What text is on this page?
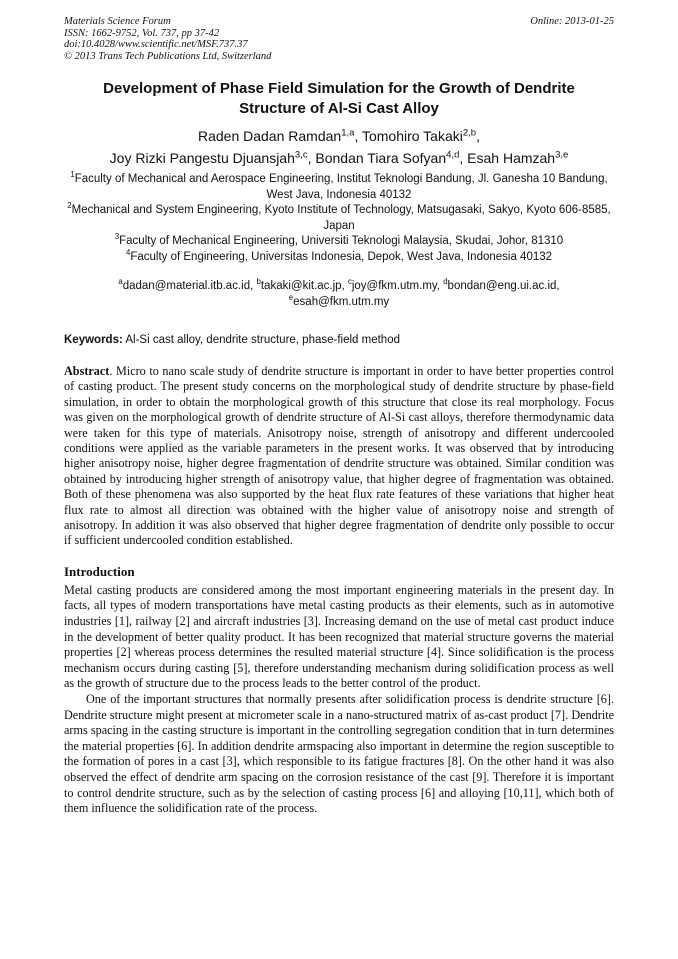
Materials Science Forum	Online: 2013-01-25
ISSN: 1662-9752, Vol. 737, pp 37-42
doi:10.4028/www.scientific.net/MSF.737.37
© 2013 Trans Tech Publications Ltd, Switzerland
Development of Phase Field Simulation for the Growth of Dendrite Structure of Al-Si Cast Alloy
Raden Dadan Ramdan$^{1,a}$, Tomohiro Takaki$^{2,b}$,
Joy Rizki Pangestu Djuansjah$^{3,c}$, Bondan Tiara Sofyan$^{4,d}$, Esah Hamzah$^{3,e}$
$^1$Faculty of Mechanical and Aerospace Engineering, Institut Teknologi Bandung, Jl. Ganesha 10 Bandung, West Java, Indonesia 40132
$^2$Mechanical and System Engineering, Kyoto Institute of Technology, Matsugasaki, Sakyo, Kyoto 606-8585, Japan
$^3$Faculty of Mechanical Engineering, Universiti Teknologi Malaysia, Skudai, Johor, 81310
$^4$Faculty of Engineering, Universitas Indonesia, Depok, West Java, Indonesia 40132
$^a$dadan@material.itb.ac.id, $^b$takaki@kit.ac.jp, $^c$joy@fkm.utm.my, $^d$bondan@eng.ui.ac.id,
$^e$esah@fkm.utm.my
Keywords: Al-Si cast alloy, dendrite structure, phase-field method
Abstract. Micro to nano scale study of dendrite structure is important in order to have better properties control of casting product. The present study concerns on the morphological study of dendrite structure by phase-field simulation, in order to obtain the morphological growth of this structure that close its real morphology. Focus was given on the morphological growth of dendrite structure of Al-Si cast alloys, therefore thermodynamic data were taken for this type of materials. Anisotropy noise, strength of anisotropy and different undercooled conditions were applied as the variable parameters in the present works. It was observed that by introducing higher anisotropy noise, higher degree fragmentation of dendrite structure was obtained. Similar condition was obtained by introducing higher strength of anisotropy value, that higher degree of fragmentation was obtained. Both of these phenomena was also supported by the heat flux rate features of these variations that higher heat flux rate to almost all direction was obtained with the higher value of anisotropy noise and strength of anisotropy. In addition it was also observed that higher degree fragmentation of dendrite only possible to occur if sufficient undercooled condition established.
Introduction

Metal casting products are considered among the most important engineering materials in the present day. In facts, all types of modern transportations have metal casting products as their elements, such as in automotive industries [1], railway [2] and aircraft industries [3]. Increasing demand on the use of metal cast product induce in the development of better quality product. It has been recognized that material structure governs the material properties [2] whereas process determines the resulted material structure [4]. Since solidification is the process mechanism occurs during casting [5], therefore understanding mechanism during solidification process as well as the growth of structure due to the process leads to the better control of the product.

One of the important structures that normally presents after solidification process is dendrite structure [6]. Dendrite structure might present at micrometer scale in a nano-structured matrix of as-cast product [7]. Dendrite arms spacing in the casting structure is important in the controlling segregation condition that in turn determines the material properties [6]. In addition dendrite armspacing also important in determine the region susceptible to the formation of pores in a cast [3], which responsible to its fatigue fractures [8]. On the other hand it was also observed the effect of dendrite arm spacing on the corrosion resistance of the cast [9]. Therefore it is important to control dendrite structure, such as by the selection of casting process [6] and alloying [10,11], which both of them influence the solidification rate of the process.
